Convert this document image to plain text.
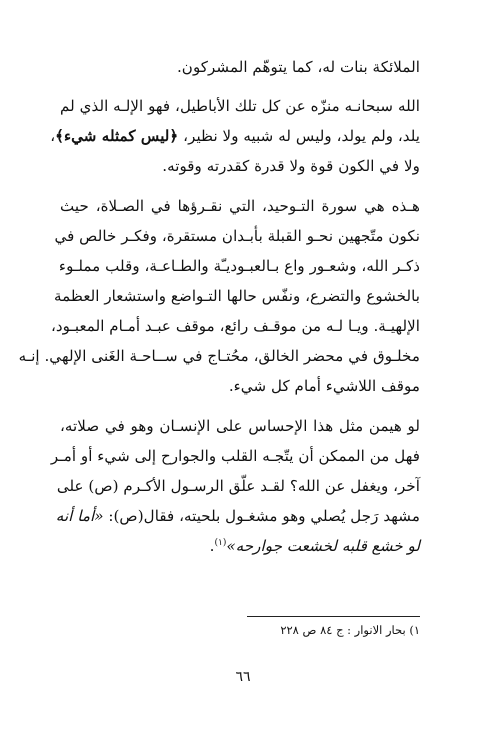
الملائكة بنات له، كما يتوهّم المشركون.
الله سبحانـه منزّه عن كل تلك الأباطيل، فهو الإلـه الذي لم
يلد، ولم يولد، وليس له شبيه ولا نظير، ﴿ليس كمثله شيء﴾،
ولا في الكون قوة ولا قدرة كقدرته وقوته.
هـذه هي سورة التـوحيد، التي نقـرؤها في الصـلاة، حيث
نكون متّجهين نحـو القبلة بأبـدان مستقرة، وفكـر خالص في
ذكـر الله، وشعـور واع بـالعبـوديـّة والطـاعـة، وقلب مملـوء
بالخشوع والتضرع، ونفّس حالها التـواضع واستشعار العظمة
الإلهيـة. ويـا لـه من موقـف رائع، موقف عبـد أمـام المعبـود،
مخلـوق في محضر الخالق، محُتـاج في ســاحـة الغَنى الإلهي. إنـه
موقف اللاشيء أمام كل شيء.
لو هيمن مثل هذا الإحساس على الإنسـان وهو في صلاته،
فهل من الممكن أن يتّجـه القلب والجوارح إلى شيء أو أمـر
آخر، ويغفل عن الله؟ لقـد علّق الرسـول الأكـرم (ص) على
مشهد رَجل يُصلي وهو مشغـول بلحيته، فقال(ص): «أما أنه
لو خشع قلبه لخشعت جوارحه»$^{(١)}$.
١) بحار الانوار : ج ٨٤ ص ٢٢٨
٦٦
